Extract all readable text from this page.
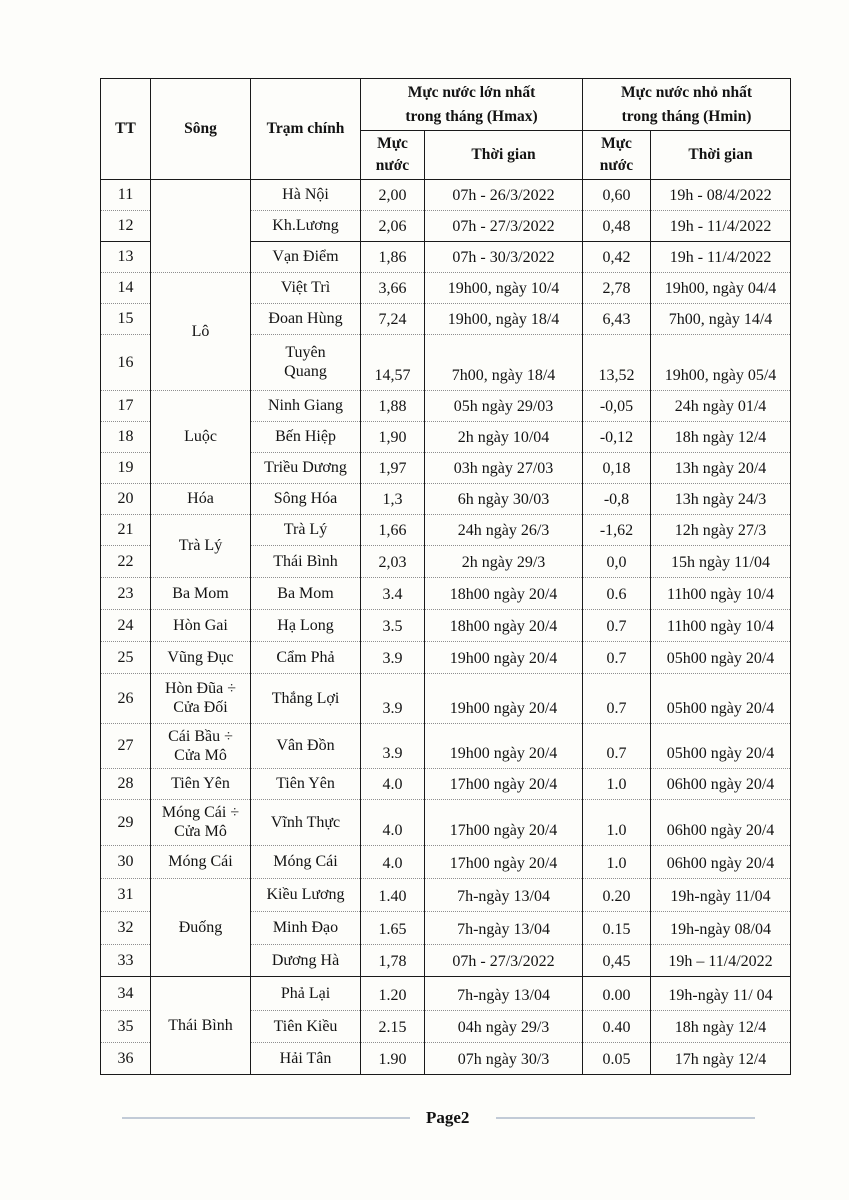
TT	Sông	Trạm chính	Mực nước lớn nhất trong tháng (Hmax)		Mực nước nhỏ nhất trong tháng (Hmin)	
			Mực nước	Thời gian	Mực nước	Thời gian
11		Hà Nội	2,00	07h - 26/3/2022	0,60	19h - 08/4/2022
12		Kh.Lương	2,06	07h - 27/3/2022	0,48	19h - 11/4/2022
13		Vạn Điểm	1,86	07h - 30/3/2022	0,42	19h - 11/4/2022
14	Lô	Việt Trì	3,66	19h00, ngày 10/4	2,78	19h00, ngày 04/4
15		Đoan Hùng	7,24	19h00, ngày 18/4	6,43	7h00, ngày 14/4
16		Tuyên Quang	14,57	7h00, ngày 18/4	13,52	19h00, ngày 05/4
17	Luộc	Ninh Giang	1,88	05h ngày 29/03	-0,05	24h ngày 01/4
18		Bến Hiệp	1,90	2h ngày 10/04	-0,12	18h ngày 12/4
19		Triều Dương	1,97	03h ngày 27/03	0,18	13h ngày 20/4
20	Hóa	Sông Hóa	1,3	6h ngày 30/03	-0,8	13h ngày 24/3
21	Trà Lý	Trà Lý	1,66	24h ngày 26/3	-1,62	12h ngày 27/3
22		Thái Bình	2,03	2h ngày 29/3	0,0	15h ngày 11/04
23	Ba Mom	Ba Mom	3.4	18h00 ngày 20/4	0.6	11h00 ngày 10/4
24	Hòn Gai	Hạ Long	3.5	18h00 ngày 20/4	0.7	11h00 ngày 10/4
25	Vũng Đục	Cẩm Phả	3.9	19h00 ngày 20/4	0.7	05h00 ngày 20/4
26	Hòn Đũa ÷ Cửa Đối	Thắng Lợi	3.9	19h00 ngày 20/4	0.7	05h00 ngày 20/4
27	Cái Bầu ÷ Cửa Mô	Vân Đồn	3.9	19h00 ngày 20/4	0.7	05h00 ngày 20/4
28	Tiên Yên	Tiên Yên	4.0	17h00 ngày 20/4	1.0	06h00 ngày 20/4
29	Móng Cái ÷ Cửa Mô	Vĩnh Thực	4.0	17h00 ngày 20/4	1.0	06h00 ngày 20/4
30	Móng Cái	Móng Cái	4.0	17h00 ngày 20/4	1.0	06h00 ngày 20/4
31	Đuống	Kiều Lương	1.40	7h-ngày 13/04	0.20	19h-ngày 11/04
32		Minh Đạo	1.65	7h-ngày 13/04	0.15	19h-ngày 08/04
33		Dương Hà	1,78	07h - 27/3/2022	0,45	19h – 11/4/2022
34	Thái Bình	Phả Lại	1.20	7h-ngày 13/04	0.00	19h-ngày 11/ 04
35		Tiên Kiều	2.15	04h ngày 29/3	0.40	18h ngày 12/4
36		Hải Tân	1.90	07h ngày 30/3	0.05	17h ngày 12/4
Page2
